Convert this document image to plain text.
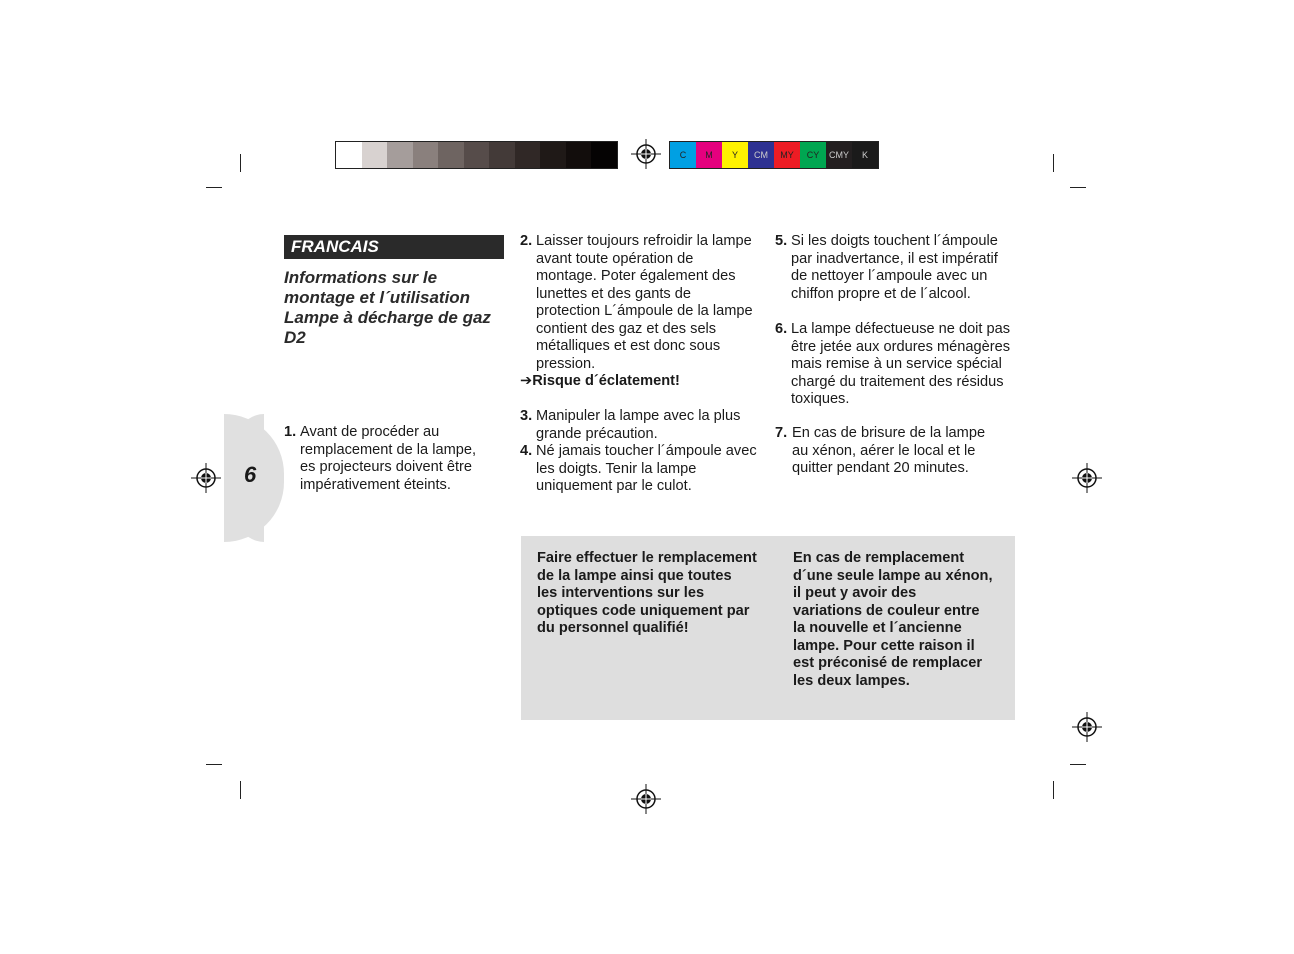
C	M	Y	CM	MY	CY	CMY	K
6
FRANCAIS
Informations sur le
montage et l´utilisation
Lampe à décharge de gaz
D2
1. Avant de procéder au
remplacement de la lampe,
es projecteurs doivent être
impérativement éteints.
2. Laisser toujours refroidir la lampe
avant toute opération de
montage. Poter également des
lunettes et des gants de
protection L´ámpoule de la lampe
contient des gaz et des sels
métalliques et est donc sous
pression.
➔Risque d´éclatement!
3. Manipuler la lampe avec la plus
grande précaution.
4. Né jamais toucher l´ámpoule avec
les doigts. Tenir la lampe
uniquement par le culot.
5. Si les doigts touchent l´ámpoule
par inadvertance, il est impératif
de nettoyer l´ampoule avec un
chiffon propre et de l´alcool.
6. La lampe défectueuse ne doit pas
être jetée aux ordures ménagères
mais remise à un service spécial
chargé du traitement des résidus
toxiques.
7. En cas de brisure de la lampe
au xénon, aérer le local et le
quitter pendant 20 minutes.
Faire effectuer le remplacement
de la lampe ainsi que toutes
les interventions sur les
optiques code uniquement par
du personnel qualifié!
En cas de remplacement
d´une seule lampe au xénon,
il peut y avoir des
variations de couleur entre
la nouvelle et l´ancienne
lampe. Pour cette raison il
est préconisé de remplacer
les deux lampes.
